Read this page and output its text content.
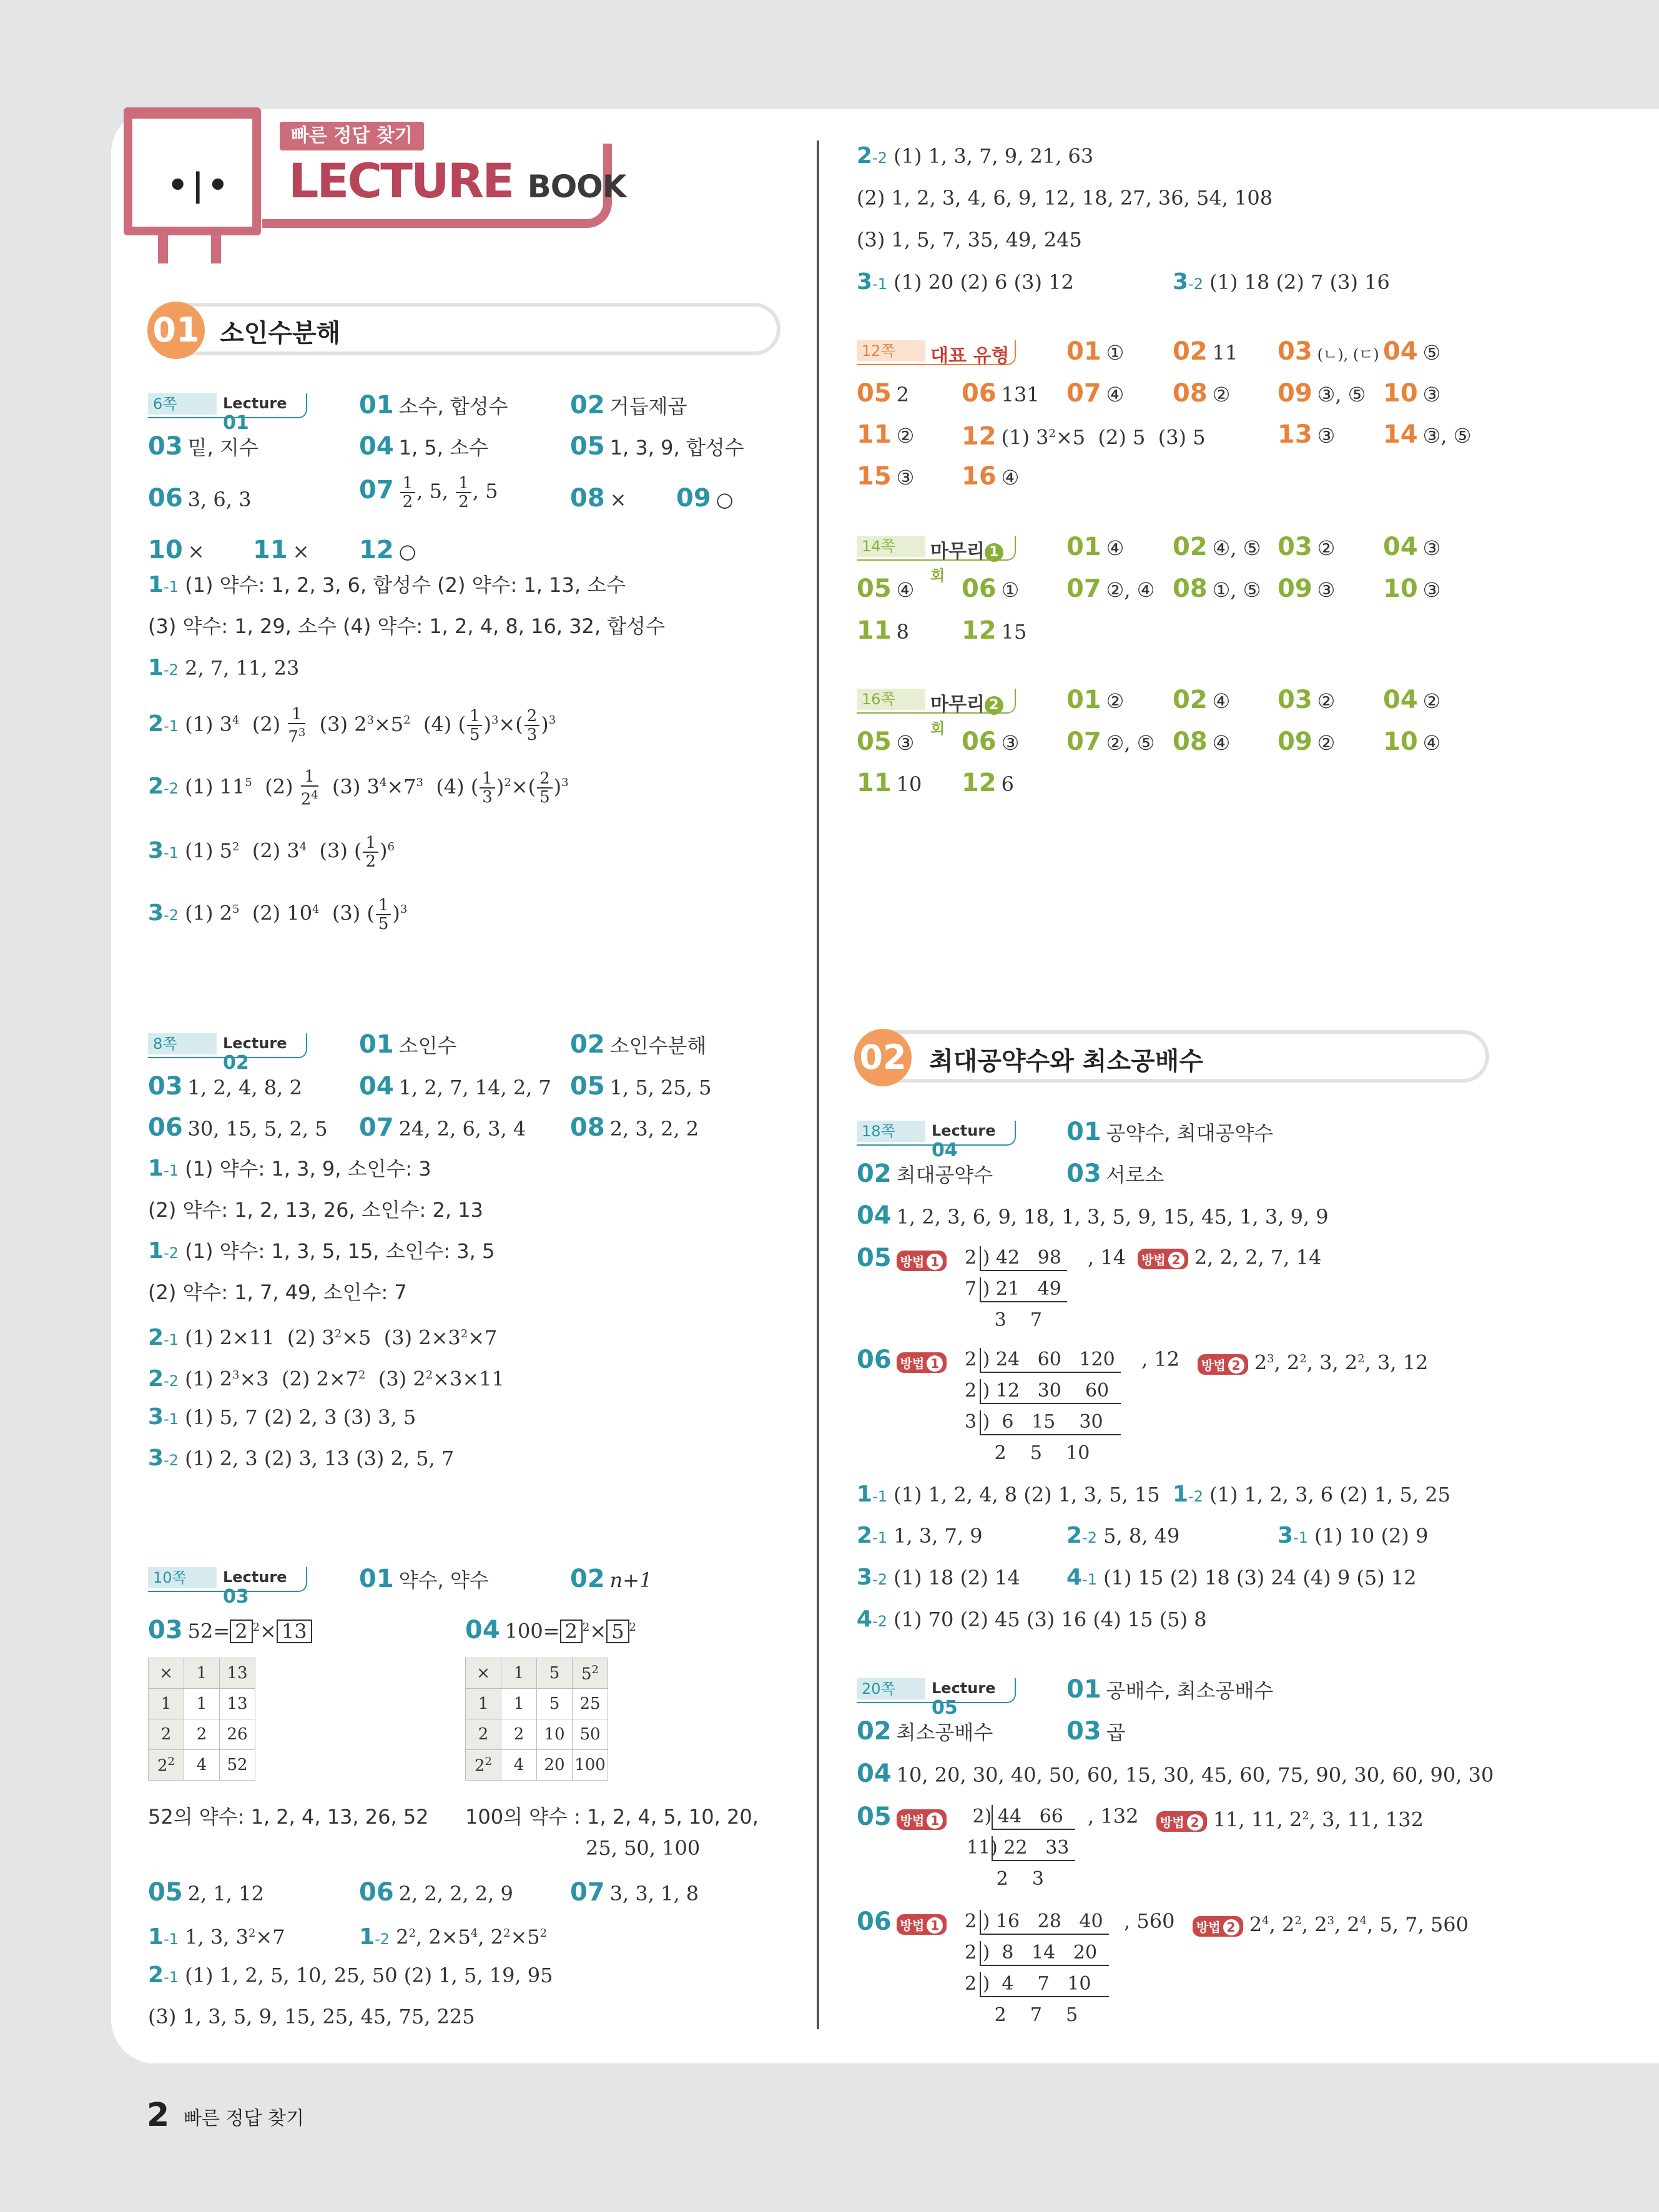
•|•
빠른 정답 찾기
LECTURE BOOK
01 소인수분해
6쪽	Lecture 01
01 소수, 합성수 02 거듭제곱
03 밑, 지수	04 1, 5, 소수	05 1, 3, 9, 합성수
06 3, 6, 3	$07 \frac{1}{2}$ , 5, $\frac{1}{2}$ , 5	08 × 09 ○
10 × 11 × 12 ○
1-1 (1) 약수: 1, 2, 3, 6, 합성수 (2) 약수: 1, 13, 소수
(3) 약수: 1, 29, 소수 (4) 약수: 1, 2, 4, 8, 16, 32, 합성수
1-2 2, 7, 11, 23
2-1 (1) $3^4$  $(2) \frac{1}{7^3} (3)$ $2^3\times 5^2$  (4) ( $\frac{1}{5} )^3\times( \frac{2}{3} )^3$
2-2 (1) $11^5$  $(2) \frac{1}{2^4} (3)$ $3^4\times 7^3$  (4) ( $\frac{1}{3} )^2\times( \frac{2}{5} )^3$
3-1 (1) $5^2$  (2) $3^4$  (3) ( $\frac{1}{2} )^6$
3-2 (1) $2^5$  (2) $10^4$  (3) ( $\frac{1}{5} )^3$
8쪽	Lecture 02
01 소인수	02 소인수분해
03 1, 2, 4, 8, 2 04 1, 2, 7, 14, 2, 7 05 1, 5, 25, 5
06 30, 15, 5, 2, 5 07 24, 2, 6, 3, 4 08 2, 3, 2, 2
1-1 (1) 약수: 1, 3, 9, 소인수: 3
(2) 약수: 1, 2, 13, 26, 소인수: 2, 13
1-2 (1) 약수: 1, 3, 5, 15, 소인수: 3, 5
(2) 약수: 1, 7, 49, 소인수: 7
2-1 (1) 2×11  (2) $3^2\times 5$  (3) $2\times 3^2\times 7$
2-2 (1) $2^3\times 3$  (2) $2\times 7^2$  (3) $2^2\times 3\times 11$
3-1 (1) 5, 7 (2) 2, 3 (3) 3, 5
3-2 (1) 2, 3 (2) 3, 13 (3) 2, 5, 7
10쪽	Lecture 03
01 약수, 약수	02 n+1
03 52= 2 $^2$× 13	04 100= 2 $^2$× 5 $^2$
×	1	13
1	1	13
2	2	26
$2^2$	4	52
×	1	5	$5^2$
1	1	5	25
2	2	10	50
$2^2$	4	20	100
52의 약수: 1, 2, 4, 13, 26, 52 100의 약수 : 1, 2, 4, 5, 10, 20,
25, 50, 100
05 2, 1, 12	06 2, 2, 2, 2, 9 07 3, 3, 1, 8
1-1 1, 3, $3^2\times 7$	1-2 $2^2$, $2\times 5^4$, $2^2\times 5^2$
2-1 (1) 1, 2, 5, 10, 25, 50 (2) 1, 5, 19, 95
(3) 1, 3, 5, 9, 15, 25, 45, 75, 225
2-2 (1) 1, 3, 7, 9, 21, 63
(2) 1, 2, 3, 4, 6, 9, 12, 18, 27, 36, 54, 108
(3) 1, 5, 7, 35, 49, 245
3-1 (1) 20 (2) 6 (3) 12	3-2 (1) 18 (2) 7 (3) 16
12쪽	대표 유형 01 ① 02 11 03 (ㄴ), (ㄷ) 04 ⑤
05 2 06 131 07 ④ 08 ② 09 ③, ⑤ 10 ③
11 ② 12 (1) $3^2\times 5$  (2) 5  (3) 5	13 ③ 14 ③, ⑤
15 ③ 16 ④
14쪽	마무리 1회
01 ④ 02 ④, ⑤ 03 ② 04 ③
05 ④ 06 ① 07 ②, ④ 08 ①, ⑤ 09 ③ 10 ③
11 8 12 15
16쪽	마무리 2회
01 ② 02 ④ 03 ② 04 ②
05 ③ 06 ③ 07 ②, ⑤ 08 ④ 09 ② 10 ④
11 10 12 6
02 최대공약수와 최소공배수
18쪽	Lecture 04
01 공약수, 최대공약수
02 최대공약수	03 서로소
04 1, 2, 3, 6, 9, 18, 1, 3, 5, 9, 15, 45, 1, 3, 9, 9
05 방법 1	2 ) 42   98
7 ) 21   49
3    7
, 14	방법 2 2, 2, 2, 7, 14
06 방법 1	2 ) 24   60   120
2 ) 12   30    60
3 )  6   15    30
2    5    10
, 12	방법 2 $2^3$, $2^2$, 3, $2^2$, 3, 12
1-1 (1) 1, 2, 4, 8 (2) 1, 3, 5, 15 1-2 (1) 1, 2, 3, 6 (2) 1, 5, 25
2-1 1, 3, 7, 9	2-2 5, 8, 49	3-1 (1) 10 (2) 9
3-2 (1) 18 (2) 14 4-1 (1) 15 (2) 18 (3) 24 (4) 9 (5) 12
4-2 (1) 70 (2) 45 (3) 16 (4) 15 (5) 8
20쪽	Lecture 05
01 공배수, 최소공배수
02 최소공배수	03 곱
04 10, 20, 30, 40, 50, 60, 15, 30, 45, 60, 75, 90, 30, 60, 90, 30
05 방법 1	2) 44   66
11) 22   33
2    3
, 132	방법 2 11, 11, $2^2$, 3, 11, 132
06 방법 1	2 ) 16   28   40
2 )  8   14   20
2 )  4    7   10
2    7    5
, 560	방법 2 $2^4$, $2^2$, $2^3$, $2^4$, 5, 7, 560
2 빠른 정답 찾기
